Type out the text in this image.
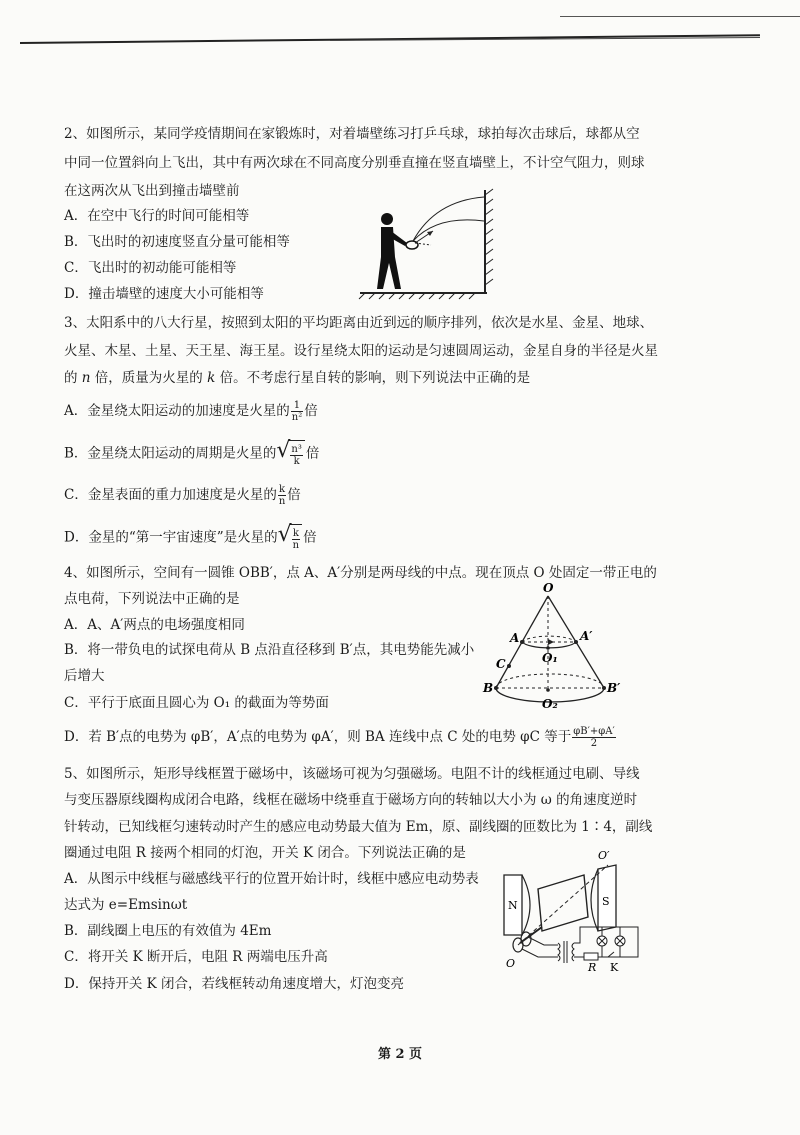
2、如图所示，某同学疫情期间在家锻炼时，对着墙壁练习打乒乓球，球拍每次击球后，球都从空
中同一位置斜向上飞出，其中有两次球在不同高度分别垂直撞在竖直墙壁上，不计空气阻力，则球
在这两次从飞出到撞击墙壁前
A．在空中飞行的时间可能相等
B．飞出时的初速度竖直分量可能相等
C．飞出时的初动能可能相等
D．撞击墙壁的速度大小可能相等
3、太阳系中的八大行星，按照到太阳的平均距离由近到远的顺序排列，依次是水星、金星、地球、
火星、木星、土星、天王星、海王星。设行星绕太阳的运动是匀速圆周运动，金星自身的半径是火星
的 n 倍，质量为火星的 k 倍。不考虑行星自转的影响，则下列说法中正确的是
A．金星绕太阳运动的加速度是火星的 $\frac{1}{\text{n²}}$ 倍
B．金星绕太阳运动的周期是火星的 √ $\frac{\text{n³}}{k}$ 倍
C．金星表面的重力加速度是火星的 $\frac{k}{n}$ 倍
D．金星的“第一宇宙速度”是火星的 √ $\frac{k}{n}$ 倍
4、如图所示，空间有一圆锥 OBB′，点 A、A′分别是两母线的中点。现在顶点 O 处固定一带正电的
点电荷，下列说法中正确的是
A．A、A′两点的电场强度相同
B．将一带负电的试探电荷从 B 点沿直径移到 B′点，其电势能先减小
后增大
C．平行于底面且圆心为 O₁ 的截面为等势面
D．若 B′点的电势为 φB′，A′点的电势为 φA′，则 BA 连线中点 C 处的电势 φC 等于 $\frac{\varphi B'+\varphi A'}{2}$
O
A	A′
O₁
C
B	B′
O₂
5、如图所示，矩形导线框置于磁场中，该磁场可视为匀强磁场。电阻不计的线框通过电刷、导线
与变压器原线圈构成闭合电路，线框在磁场中绕垂直于磁场方向的转轴以大小为 ω 的角速度逆时
针转动，已知线框匀速转动时产生的感应电动势最大值为 Em，原、副线圈的匝数比为 1∶4，副线
圈通过电阻 R 接两个相同的灯泡，开关 K 闭合。下列说法正确的是
A．从图示中线框与磁感线平行的位置开始计时，线框中感应电动势表
达式为 e=Emsinωt
B．副线圈上电压的有效值为 4Em
C．将开关 K 断开后，电阻 R 两端电压升高
D．保持开关 K 闭合，若线框转动角速度增大，灯泡变亮
O′
N	S
O	R K
第 2 页
